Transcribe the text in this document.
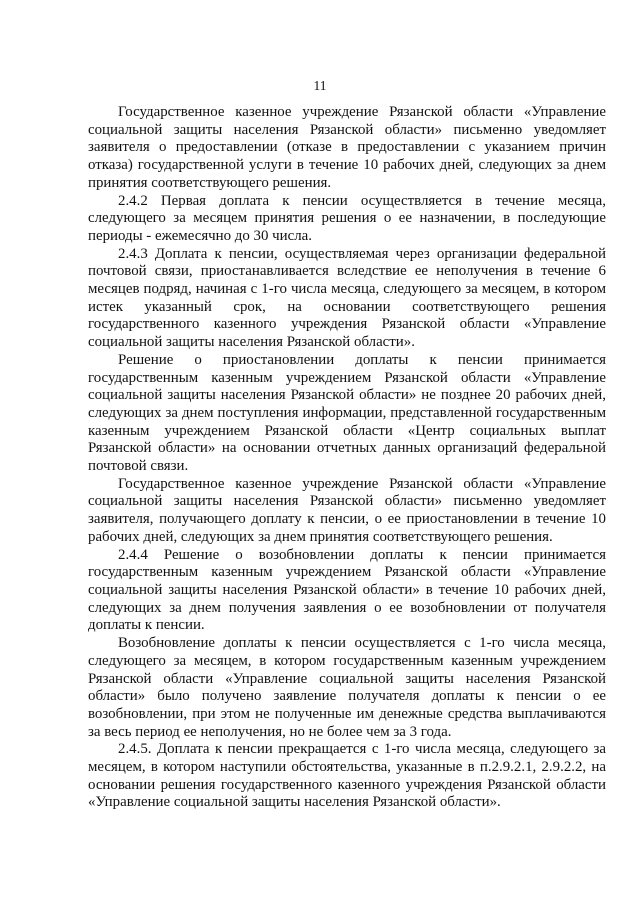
11

Государственное казенное учреждение Рязанской области «Управление социальной защиты населения Рязанской области» письменно уведомляет заявителя о предоставлении (отказе в предоставлении с указанием причин отказа) государственной услуги в течение 10 рабочих дней, следующих за днем принятия соответствующего решения.

2.4.2 Первая доплата к пенсии осуществляется в течение месяца, следующего за месяцем принятия решения о ее назначении, в последующие периоды - ежемесячно до 30 числа.

2.4.3 Доплата к пенсии, осуществляемая через организации федеральной почтовой связи, приостанавливается вследствие ее неполучения в течение 6 месяцев подряд, начиная с 1-го числа месяца, следующего за месяцем, в котором истек указанный срок, на основании соответствующего решения государственного казенного учреждения Рязанской области «Управление социальной защиты населения Рязанской области».

Решение о приостановлении доплаты к пенсии принимается государственным казенным учреждением Рязанской области «Управление социальной защиты населения Рязанской области» не позднее 20 рабочих дней, следующих за днем поступления информации, представленной государственным казенным учреждением Рязанской области «Центр социальных выплат Рязанской области» на основании отчетных данных организаций федеральной почтовой связи.

Государственное казенное учреждение Рязанской области «Управление социальной защиты населения Рязанской области» письменно уведомляет заявителя, получающего доплату к пенсии, о ее приостановлении в течение 10 рабочих дней, следующих за днем принятия соответствующего решения.

2.4.4 Решение о возобновлении доплаты к пенсии принимается государственным казенным учреждением Рязанской области «Управление социальной защиты населения Рязанской области» в течение 10 рабочих дней, следующих за днем получения заявления о ее возобновлении от получателя доплаты к пенсии.

Возобновление доплаты к пенсии осуществляется с 1-го числа месяца, следующего за месяцем, в котором государственным казенным учреждением Рязанской области «Управление социальной защиты населения Рязанской области» было получено заявление получателя доплаты к пенсии о ее возобновлении, при этом не полученные им денежные средства выплачиваются за весь период ее неполучения, но не более чем за 3 года.

2.4.5. Доплата к пенсии прекращается с 1-го числа месяца, следующего за месяцем, в котором наступили обстоятельства, указанные в п.2.9.2.1, 2.9.2.2, на основании решения государственного казенного учреждения Рязанской области «Управление социальной защиты населения Рязанской области».
